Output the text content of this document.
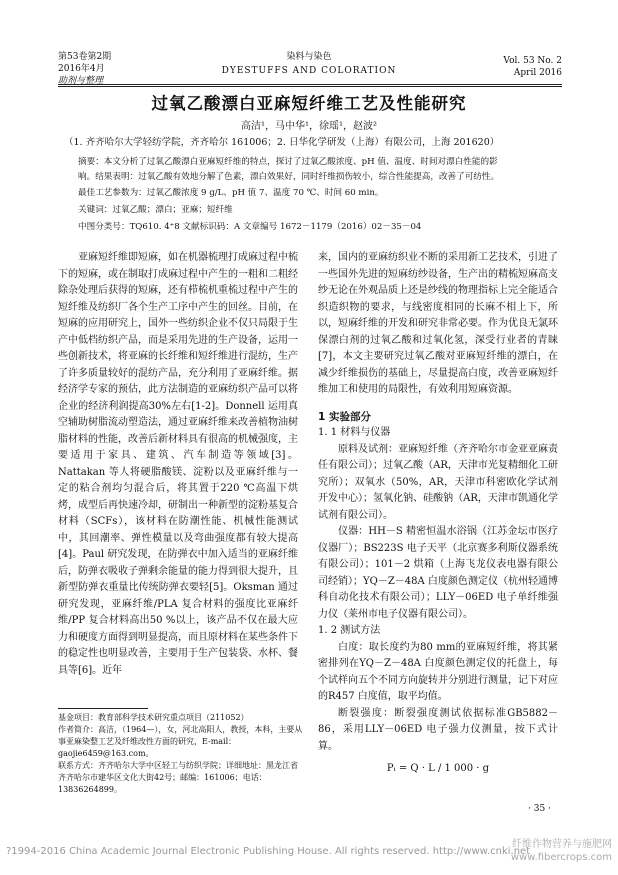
第53卷第2期
2016年4月
助剂与整理
染料与染色
DYESTUFFS AND COLORATION
Vol. 53 No. 2
April 2016
过氧乙酸漂白亚麻短纤维工艺及性能研究
高洁¹，马中华¹，徐瑶¹，赵波²
（1. 齐齐哈尔大学轻纺学院，齐齐哈尔 161006；2. 日华化学研发（上海）有限公司，上海 201620）
摘要：本文分析了过氧乙酸漂白亚麻短纤维的特点，探讨了过氧乙酸浓度、pH 值、温度、时间对漂白性能的影
响。结果表明：过氧乙酸有效地分解了色素，漂白效果好，同时纤维损伤较小，综合性能提高，改善了可纺性。
最佳工艺参数为：过氧乙酸浓度 9 g/L、pH 值 7、温度 70 ℃、时间 60 min。
关键词：过氧乙酸；漂白；亚麻；短纤维
中图分类号：TQ610. 4⁺8 文献标识码：A 文章编号 1672－1179（2016）02－35－04

亚麻短纤维即短麻，如在机器梳理打成麻过程中梳下的短麻，或在制取打成麻过程中产生的一粗和二粗经除杂处理后获得的短麻，还有栉梳机重梳过程中产生的短纤维及纺织厂各个生产工序中产生的回丝。目前，在短麻的应用研究上，国外一些纺织企业不仅只局限于生产中低档纺织产品，而是采用先进的生产设备，运用一些创新技术，将亚麻的长纤维和短纤维进行混纺，生产了许多质量较好的混纺产品，充分利用了亚麻纤维。据经济学专家的预估，此方法制造的亚麻纺织产品可以将企业的经济利润提高30%左右[1-2]。Donnell 运用真空辅助树脂流动塑造法，通过亚麻纤维来改善植物油树脂材料的性能，改善后新材料具有很高的机械强度，主要适用于家具、建筑、汽车制造等领域[3]。Nattakan 等人将硬脂酸镁、淀粉以及亚麻纤维与一定的粘合剂均匀混合后，将其置于220 ℃高温下烘烤，成型后再快速冷却，研制出一种新型的淀粉基复合材料（SCFs），该材料在防潮性能、机械性能测试中，其回潮率、弹性模量以及弯曲强度都有较大提高[4]。Paul 研究发现，在防弹衣中加入适当的亚麻纤维后，防弹衣吸收子弹剩余能量的能力得到很大提升，且新型防弹衣重量比传统防弹衣要轻[5]。Oksman 通过研究发现，亚麻纤维/PLA 复合材料的强度比亚麻纤维/PP 复合材料高出50 %以上，该产品不仅在最大应力和硬度方面得到明显提高，而且原材料在某些条件下的稳定性也明显改善，主要用于生产包装袋、水杯、餐具等[6]。近年

基金项目：教育部科学技术研究重点项目（211052）
作者简介：高洁，（1964—），女，河北高阳人，教授，本科，主要从事亚麻染整工艺及纤维改性方面的研究，E-mail：gaojie6459@163.com。
联系方式：齐齐哈尔大学中区轻工与纺织学院；详细地址：黑龙江省齐齐哈尔市建华区文化大街42号；邮编：161006；电话：13836264899。

来，国内的亚麻纺织业不断的采用新工艺技术，引进了一些国外先进的短麻纺纱设备，生产出的精梳短麻高支纱无论在外观品质上还是纱线的物理指标上完全能适合织造织物的要求，与线密度相同的长麻不相上下，所以，短麻纤维的开发和研究非常必要。作为优良无氯环保漂白剂的过氧乙酸和过氧化氢，深受行业者的青睐[7]，本文主要研究过氧乙酸对亚麻短纤维的漂白，在减少纤维损伤的基础上，尽量提高白度，改善亚麻短纤维加工和使用的局限性，有效利用短麻资源。

1 实验部分
1. 1 材料与仪器

原料及试剂：亚麻短纤维（齐齐哈尔市金亚亚麻责任有限公司）；过氧乙酸（AR，天津市光复精细化工研究所）；双氧水（50%，AR，天津市科密欧化学试剂开发中心）；氢氧化钠、硅酸钠（AR，天津市凯通化学试剂有限公司）。

仪器：HH－S 精密恒温水浴锅（江苏金坛市医疗仪器厂）；BS223S 电子天平（北京赛多利斯仪器系统有限公司）；101－2 烘箱（上海飞龙仪表电器有限公司经销）；YQ－Z－48A 白度颜色测定仪（杭州轻通博科自动化技术有限公司）；LLY－06ED 电子单纤维强力仪（莱州市电子仪器有限公司）。

1. 2 测试方法

白度：取长度约为80 mm的亚麻短纤维，将其紧密排列在YQ－Z－48A 白度颜色测定仪的托盘上，每个试样向五个不同方向旋转并分别进行测量，记下对应的R457 白度值，取平均值。

断裂强度：断裂强度测试依据标准GB5882－86，采用LLY－06ED 电子强力仪测量，按下式计算。

Pᵢ = Q · L / 1 000 · g
· 35 ·
?1994-2016 China Academic Journal Electronic Publishing House. All rights reserved. http://www.cnki.net
纤维作物营养与施肥网 www.fibercrops.com
